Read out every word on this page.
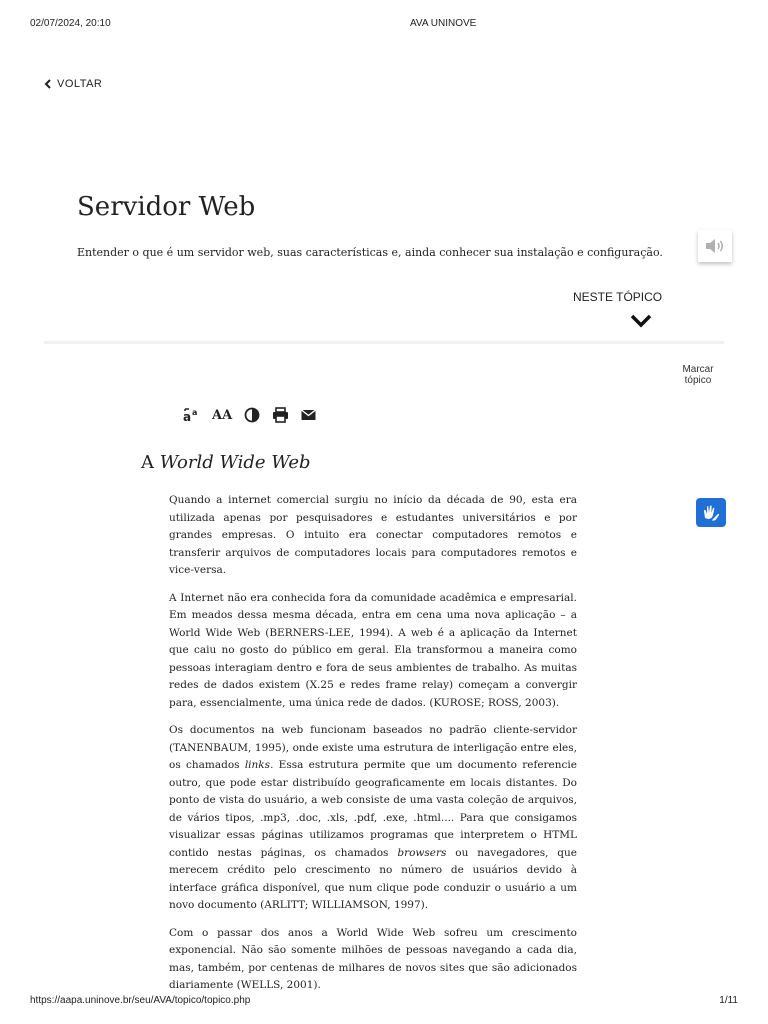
02/07/2024, 20:10	AVA UNINOVE
VOLTAR
Servidor Web

Entender o que é um servidor web, suas características e, ainda conhecer sua instalação e configuração.

NESTE TÓPICO
Marcar
tópico
a a AA
A World Wide Web

Quando a internet comercial surgiu no início da década de 90, esta era utilizada apenas por pesquisadores e estudantes universitários e por grandes empresas. O intuito era conectar computadores remotos e transferir arquivos de computadores locais para computadores remotos e vice-versa.

A Internet não era conhecida fora da comunidade acadêmica e empresarial. Em meados dessa mesma década, entra em cena uma nova aplicação – a World Wide Web (BERNERS-LEE, 1994). A web é a aplicação da Internet que caiu no gosto do público em geral. Ela transformou a maneira como pessoas interagiam dentro e fora de seus ambientes de trabalho. As muitas redes de dados existem (X.25 e redes frame relay) começam a convergir para, essencialmente, uma única rede de dados. (KUROSE; ROSS, 2003).

Os documentos na web funcionam baseados no padrão cliente-servidor (TANENBAUM, 1995), onde existe uma estrutura de interligação entre eles, os chamados links. Essa estrutura permite que um documento referencie outro, que pode estar distribuído geograficamente em locais distantes. Do ponto de vista do usuário, a web consiste de uma vasta coleção de arquivos, de vários tipos, .mp3, .doc, .xls, .pdf, .exe, .html.... Para que consigamos visualizar essas páginas utilizamos programas que interpretem o HTML contido nestas páginas, os chamados browsers ou navegadores, que merecem crédito pelo crescimento no número de usuários devido à interface gráfica disponível, que num clique pode conduzir o usuário a um novo documento (ARLITT; WILLIAMSON, 1997).

Com o passar dos anos a World Wide Web sofreu um crescimento exponencial. Não são somente milhões de pessoas navegando a cada dia, mas, também, por centenas de milhares de novos sites que são adicionados diariamente (WELLS, 2001).

https://aapa.uninove.br/seu/AVA/topico/topico.php	1/11
